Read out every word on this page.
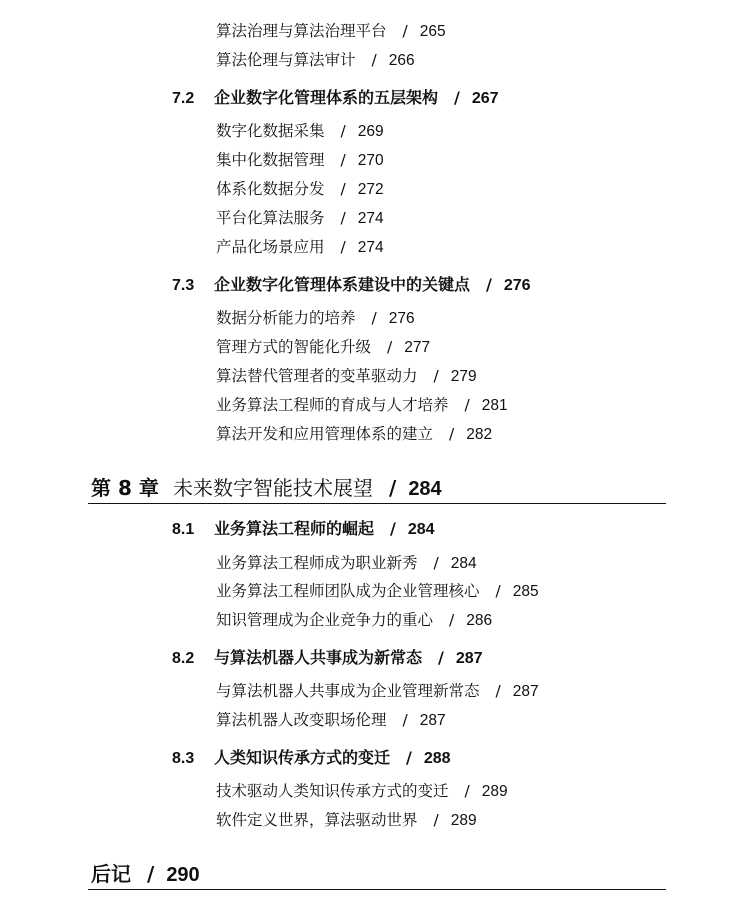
算法治理与算法治理平台 / 265
算法伦理与算法审计 / 266
7.2 企业数字化管理体系的五层架构 / 267
数字化数据采集 / 269
集中化数据管理 / 270
体系化数据分发 / 272
平台化算法服务 / 274
产品化场景应用 / 274
7.3 企业数字化管理体系建设中的关键点 / 276
数据分析能力的培养 / 276
管理方式的智能化升级 / 277
算法替代管理者的变革驱动力 / 279
业务算法工程师的育成与人才培养 / 281
算法开发和应用管理体系的建立 / 282
第 8 章 未来数字智能技术展望 / 284
8.1 业务算法工程师的崛起 / 284
业务算法工程师成为职业新秀 / 284
业务算法工程师团队成为企业管理核心 / 285
知识管理成为企业竞争力的重心 / 286
8.2 与算法机器人共事成为新常态 / 287
与算法机器人共事成为企业管理新常态 / 287
算法机器人改变职场伦理 / 287
8.3 人类知识传承方式的变迁 / 288
技术驱动人类知识传承方式的变迁 / 289
软件定义世界，算法驱动世界 / 289
后记 / 290
